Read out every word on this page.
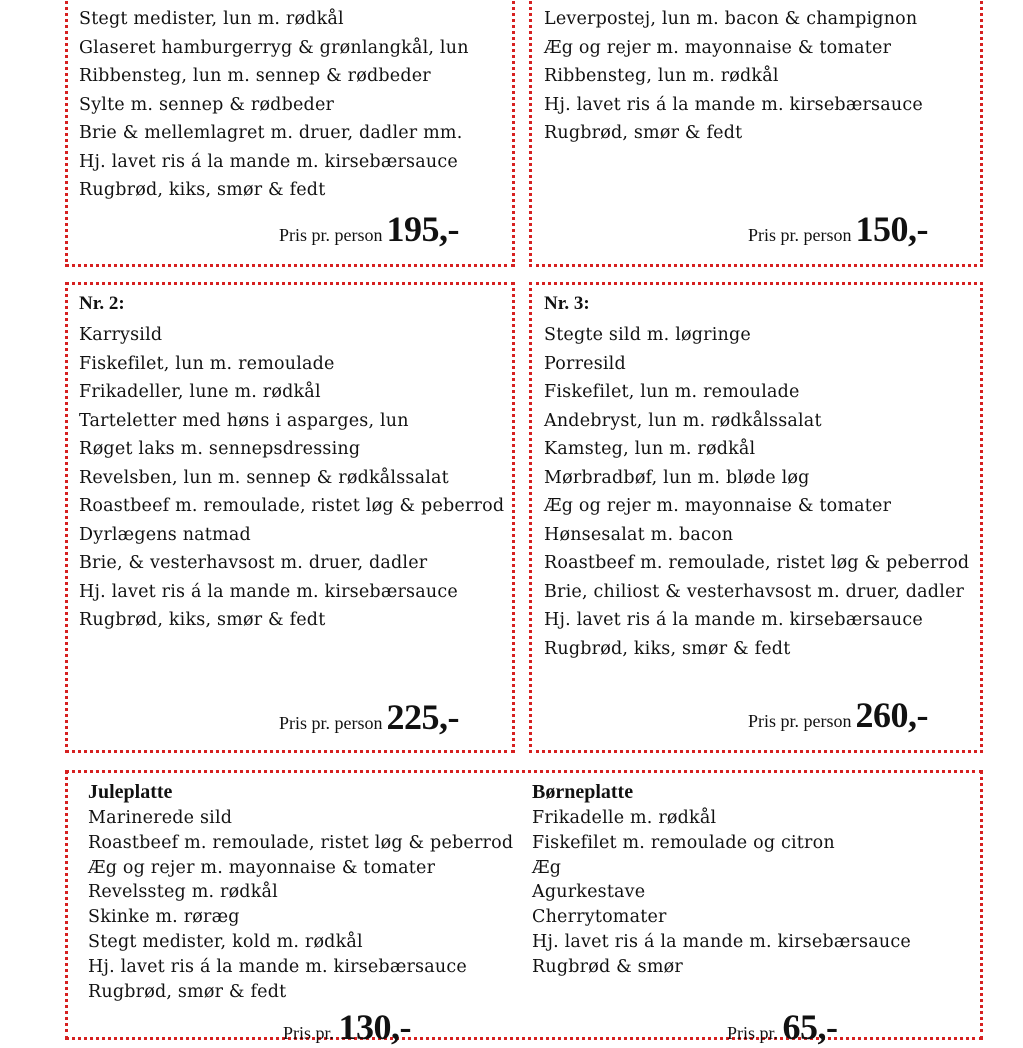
Stegt medister, lun m. rødkål
Glaseret hamburgerryg & grønlangkål, lun
Ribbensteg, lun m. sennep & rødbeder
Sylte m. sennep & rødbeder
Brie & mellemlagret m. druer, dadler mm.
Hj. lavet ris á la mande m. kirsebærsauce
Rugbrød, kiks, smør & fedt
Pris pr. person 195,-
Leverpostej, lun m. bacon & champignon
Æg og rejer m. mayonnaise & tomater
Ribbensteg, lun m. rødkål
Hj. lavet ris á la mande m. kirsebærsauce
Rugbrød, smør & fedt
Pris pr. person 150,-
Nr. 2:
Karrysild
Fiskefilet, lun m. remoulade
Frikadeller, lune m. rødkål
Tarteletter med høns i asparges, lun
Røget laks m. sennepsdressing
Revelsben, lun m. sennep & rødkålssalat
Roastbeef m. remoulade, ristet løg & peberrod
Dyrlægens natmad
Brie, & vesterhavsost m. druer, dadler
Hj. lavet ris á la mande m. kirsebærsauce
Rugbrød, kiks, smør & fedt
Pris pr. person 225,-
Nr. 3:
Stegte sild m. løgringe
Porresild
Fiskefilet, lun m. remoulade
Andebryst, lun m. rødkålssalat
Kamsteg, lun m. rødkål
Mørbradbøf, lun m. bløde løg
Æg og rejer m. mayonnaise & tomater
Hønsesalat m. bacon
Roastbeef m. remoulade, ristet løg & peberrod
Brie, chiliost & vesterhavsost m. druer, dadler
Hj. lavet ris á la mande m. kirsebærsauce
Rugbrød, kiks, smør & fedt
Pris pr. person 260,-
Juleplatte
Marinerede sild
Roastbeef m. remoulade, ristet løg & peberrod
Æg og rejer m. mayonnaise & tomater
Revelssteg m. rødkål
Skinke m. røræg
Stegt medister, kold m. rødkål
Hj. lavet ris á la mande m. kirsebærsauce
Rugbrød, smør & fedt
Pris pr. 130,-
Børneplatte
Frikadelle m. rødkål
Fiskefilet m. remoulade og citron
Æg
Agurkestave
Cherrytomater
Hj. lavet ris á la mande m. kirsebærsauce
Rugbrød & smør
Pris pr. 65,-
